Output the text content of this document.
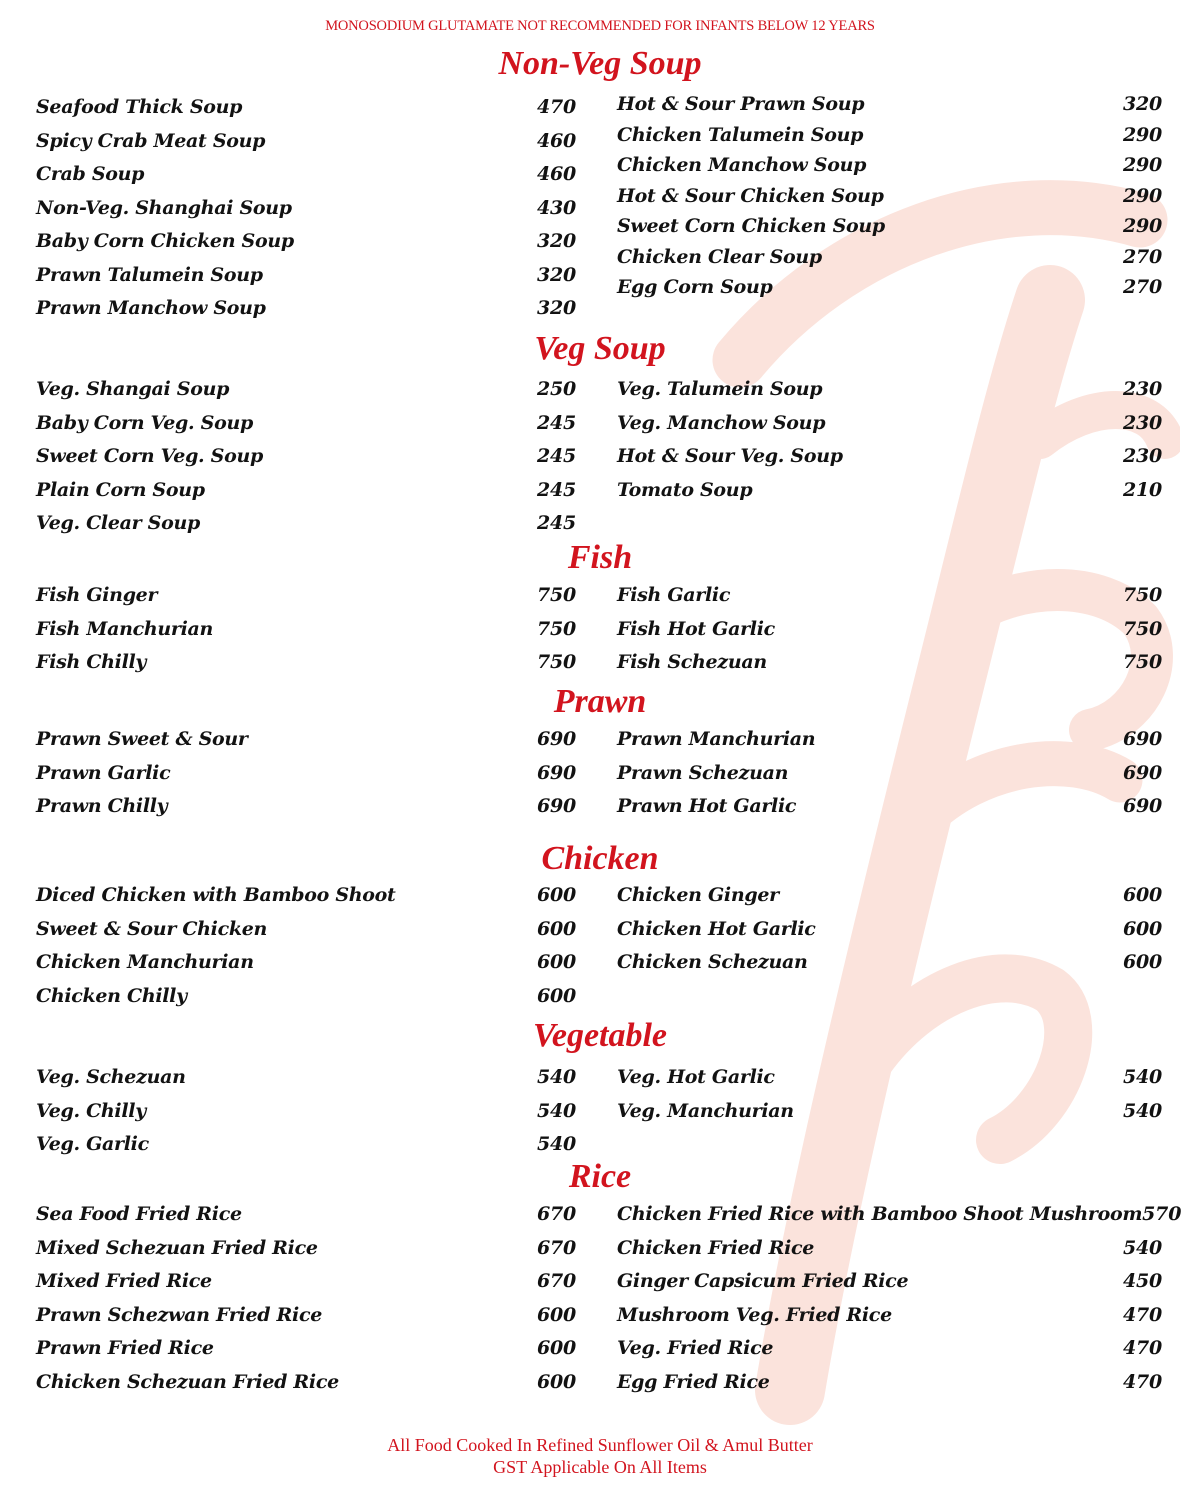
MONOSODIUM GLUTAMATE NOT RECOMMENDED FOR INFANTS BELOW 12 YEARS
Non-Veg Soup
Seafood Thick Soup	470
Spicy Crab Meat Soup	460
Crab Soup	460
Non-Veg. Shanghai Soup	430
Baby Corn Chicken Soup	320
Prawn Talumein Soup	320
Prawn Manchow Soup	320
Hot & Sour Prawn Soup	320
Chicken Talumein Soup	290
Chicken Manchow Soup	290
Hot & Sour Chicken Soup	290
Sweet Corn Chicken Soup	290
Chicken Clear Soup	270
Egg Corn Soup	270
Veg Soup
Veg. Shangai Soup	250
Baby Corn Veg. Soup	245
Sweet Corn Veg. Soup	245
Plain Corn Soup	245
Veg. Clear Soup	245
Veg. Talumein Soup	230
Veg. Manchow Soup	230
Hot & Sour Veg. Soup	230
Tomato Soup	210
Fish
Fish Ginger	750
Fish Manchurian	750
Fish Chilly	750
Fish Garlic	750
Fish Hot Garlic	750
Fish Schezuan	750
Prawn
Prawn Sweet & Sour	690
Prawn Garlic	690
Prawn Chilly	690
Prawn Manchurian	690
Prawn Schezuan	690
Prawn Hot Garlic	690
Chicken
Diced Chicken with Bamboo Shoot	600
Sweet & Sour Chicken	600
Chicken Manchurian	600
Chicken Chilly	600
Chicken Ginger	600
Chicken Hot Garlic	600
Chicken Schezuan	600
Vegetable
Veg. Schezuan	540
Veg. Chilly	540
Veg. Garlic	540
Veg. Hot Garlic	540
Veg. Manchurian	540
Rice
Sea Food Fried Rice	670
Mixed Schezuan Fried Rice	670
Mixed Fried Rice	670
Prawn Schezwan Fried Rice	600
Prawn Fried Rice	600
Chicken Schezuan Fried Rice	600
Chicken Fried Rice with Bamboo Shoot Mushroom 570
Chicken Fried Rice	540
Ginger Capsicum Fried Rice	450
Mushroom Veg. Fried Rice	470
Veg. Fried Rice	470
Egg Fried Rice	470
All Food Cooked In Refined Sunflower Oil & Amul Butter
GST Applicable On All Items
